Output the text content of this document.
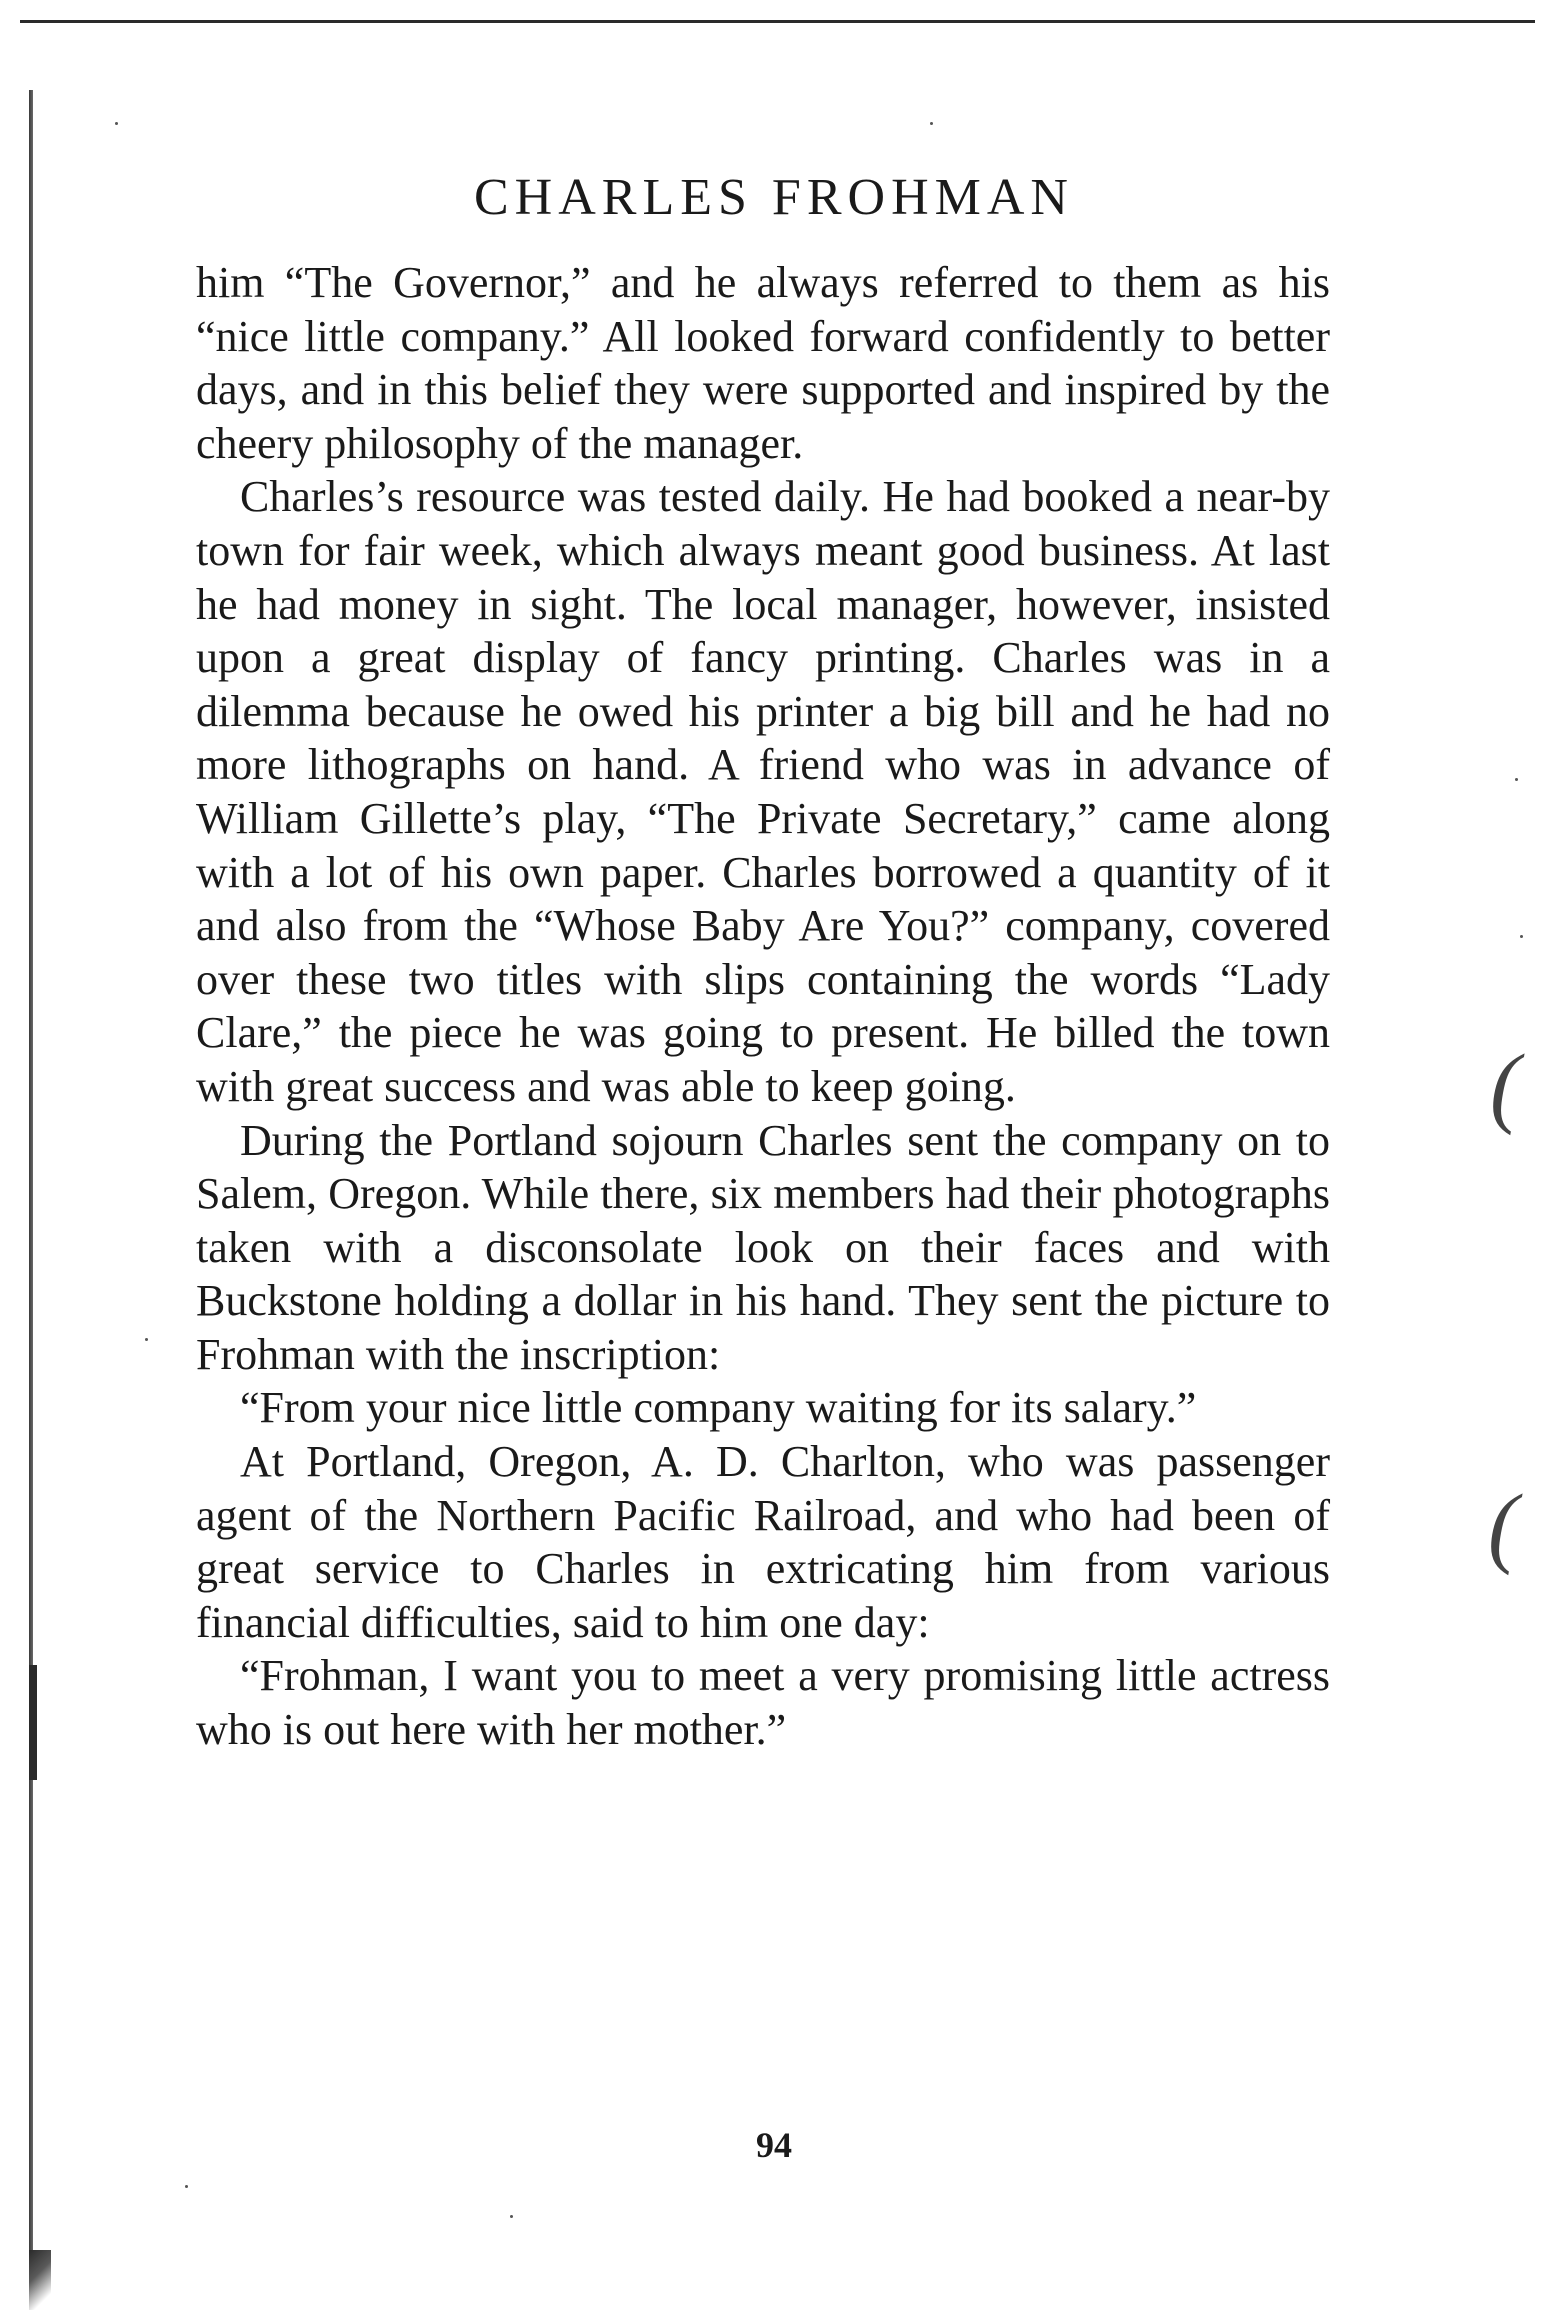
CHARLES FROHMAN

him “The Governor,” and he always referred to them as his “nice little company.” All looked forward confidently to better days, and in this belief they were supported and inspired by the cheery philosophy of the manager.

Charles’s resource was tested daily. He had booked a near-by town for fair week, which always meant good business. At last he had money in sight. The local manager, however, insisted upon a great display of fancy printing. Charles was in a dilemma because he owed his printer a big bill and he had no more lithographs on hand. A friend who was in advance of William Gillette’s play, “The Private Secretary,” came along with a lot of his own paper. Charles borrowed a quantity of it and also from the “Whose Baby Are You?” company, covered over these two titles with slips containing the words “Lady Clare,” the piece he was going to present. He billed the town with great success and was able to keep going.

During the Portland sojourn Charles sent the company on to Salem, Oregon. While there, six members had their photographs taken with a disconsolate look on their faces and with Buckstone holding a dollar in his hand. They sent the picture to Frohman with the inscription:

“From your nice little company waiting for its salary.”

At Portland, Oregon, A. D. Charlton, who was passenger agent of the Northern Pacific Railroad, and who had been of great service to Charles in extricating him from various financial difficulties, said to him one day:

“Frohman, I want you to meet a very promising little actress who is out here with her mother.”

94
(
(
